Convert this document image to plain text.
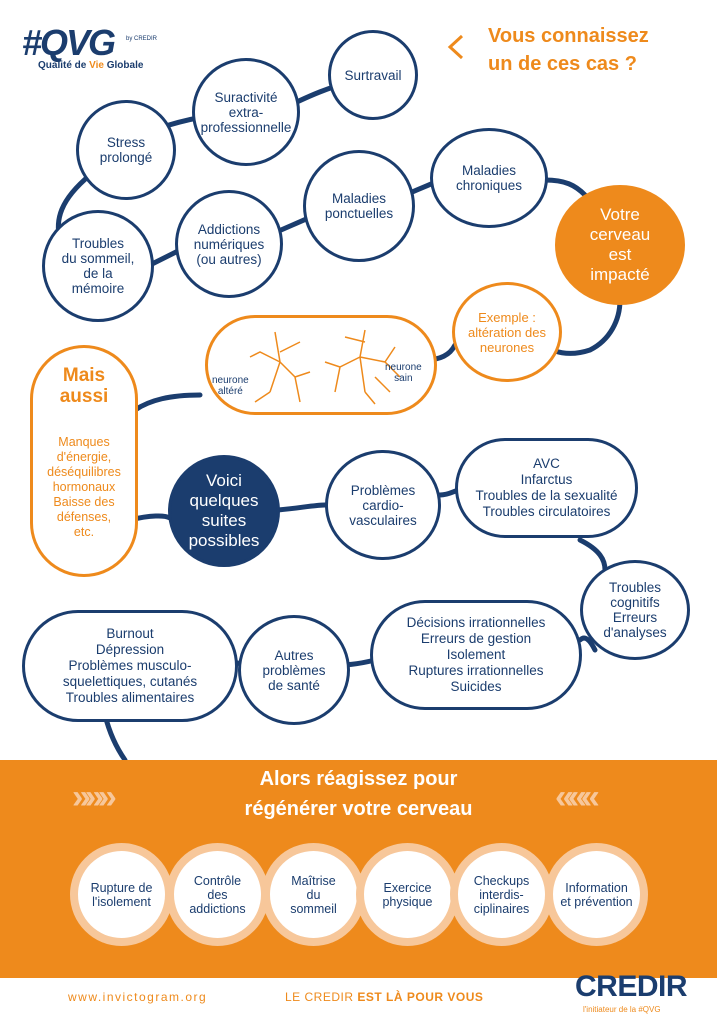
#QVG by CREDIR
Qualité de Vie Globale
Vous connaissez
un de ces cas ?
Surtravail
Suractivité
extra-
professionnelle
Stress
prolongé
Troubles
du sommeil,
de la
mémoire
Addictions
numériques
(ou autres)
Maladies
ponctuelles
Maladies
chroniques
Votre
cerveau
est
impacté
Exemple :
altération des
neurones
neurone
altéré
neurone
sain
Mais
aussi
Manques
d'énergie,
déséquilibres
hormonaux
Baisse des
défenses,
etc.
Voici
quelques
suites
possibles
Problèmes
cardio-
vasculaires
AVC
Infarctus
Troubles de la sexualité
Troubles circulatoires
Troubles
cognitifs
Erreurs
d'analyses
Décisions irrationnelles
Erreurs de gestion
Isolement
Ruptures irrationnelles
Suicides
Autres
problèmes
de santé
Burnout
Dépression
Problèmes musculo-
squelettiques, cutanés
Troubles alimentaires
Alors réagissez pour
régénérer votre cerveau
»»»	«««
Rupture de
l'isolement
Contrôle
des
addictions
Maîtrise
du
sommeil
Exercice
physique
Checkups
interdis-
ciplinaires
Information
et prévention
www.invictogram.org	LE CREDIR EST LÀ POUR VOUS	CREDIR
l'initiateur de la #QVG
